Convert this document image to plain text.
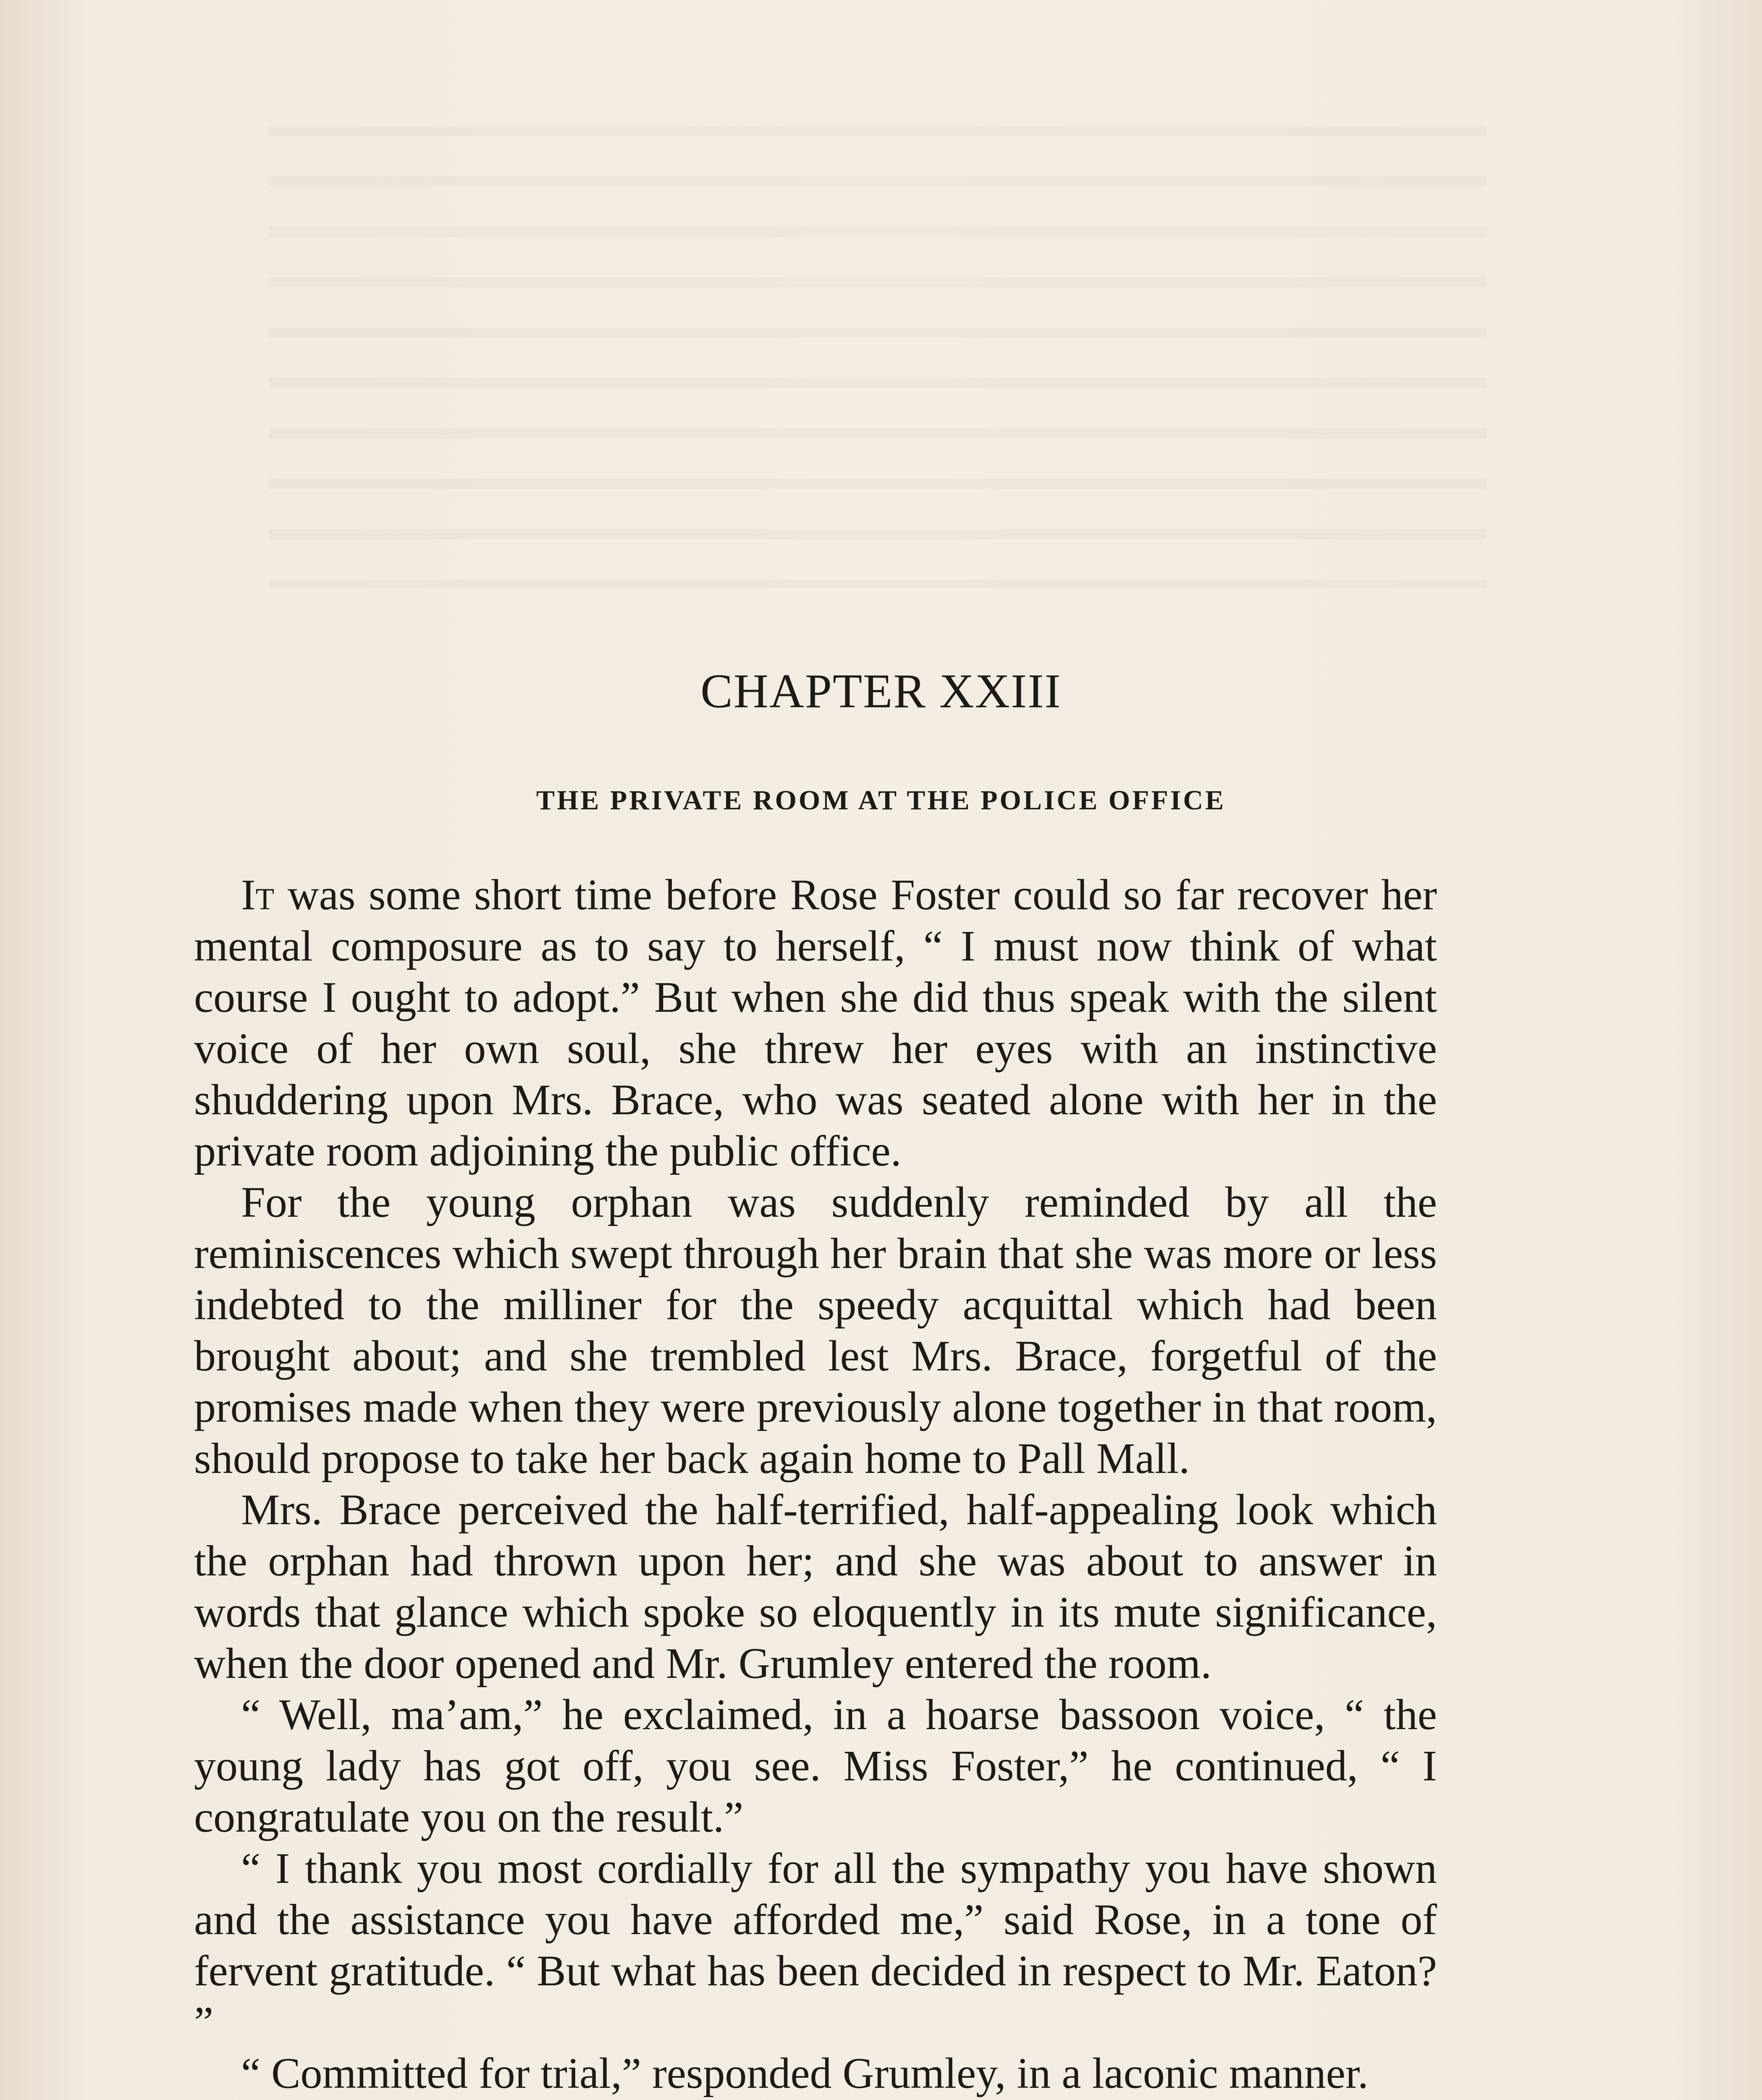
CHAPTER XXIII
THE PRIVATE ROOM AT THE POLICE OFFICE

It was some short time before Rose Foster could so far recover her mental composure as to say to herself, “ I must now think of what course I ought to adopt.” But when she did thus speak with the silent voice of her own soul, she threw her eyes with an instinctive shuddering upon Mrs. Brace, who was seated alone with her in the private room adjoining the public office.

For the young orphan was suddenly reminded by all the reminiscences which swept through her brain that she was more or less indebted to the milliner for the speedy acquittal which had been brought about; and she trembled lest Mrs. Brace, forgetful of the promises made when they were previously alone together in that room, should propose to take her back again home to Pall Mall.

Mrs. Brace perceived the half-terrified, half-appealing look which the orphan had thrown upon her; and she was about to answer in words that glance which spoke so eloquently in its mute significance, when the door opened and Mr. Grumley entered the room.

“ Well, ma’am,” he exclaimed, in a hoarse bassoon voice, “ the young lady has got off, you see. Miss Foster,” he continued, “ I congratulate you on the result.”

“ I thank you most cordially for all the sympathy you have shown and the assistance you have afforded me,” said Rose, in a tone of fervent gratitude. “ But what has been decided in respect to Mr. Eaton? ”

“ Committed for trial,” responded Grumley, in a laconic manner.
